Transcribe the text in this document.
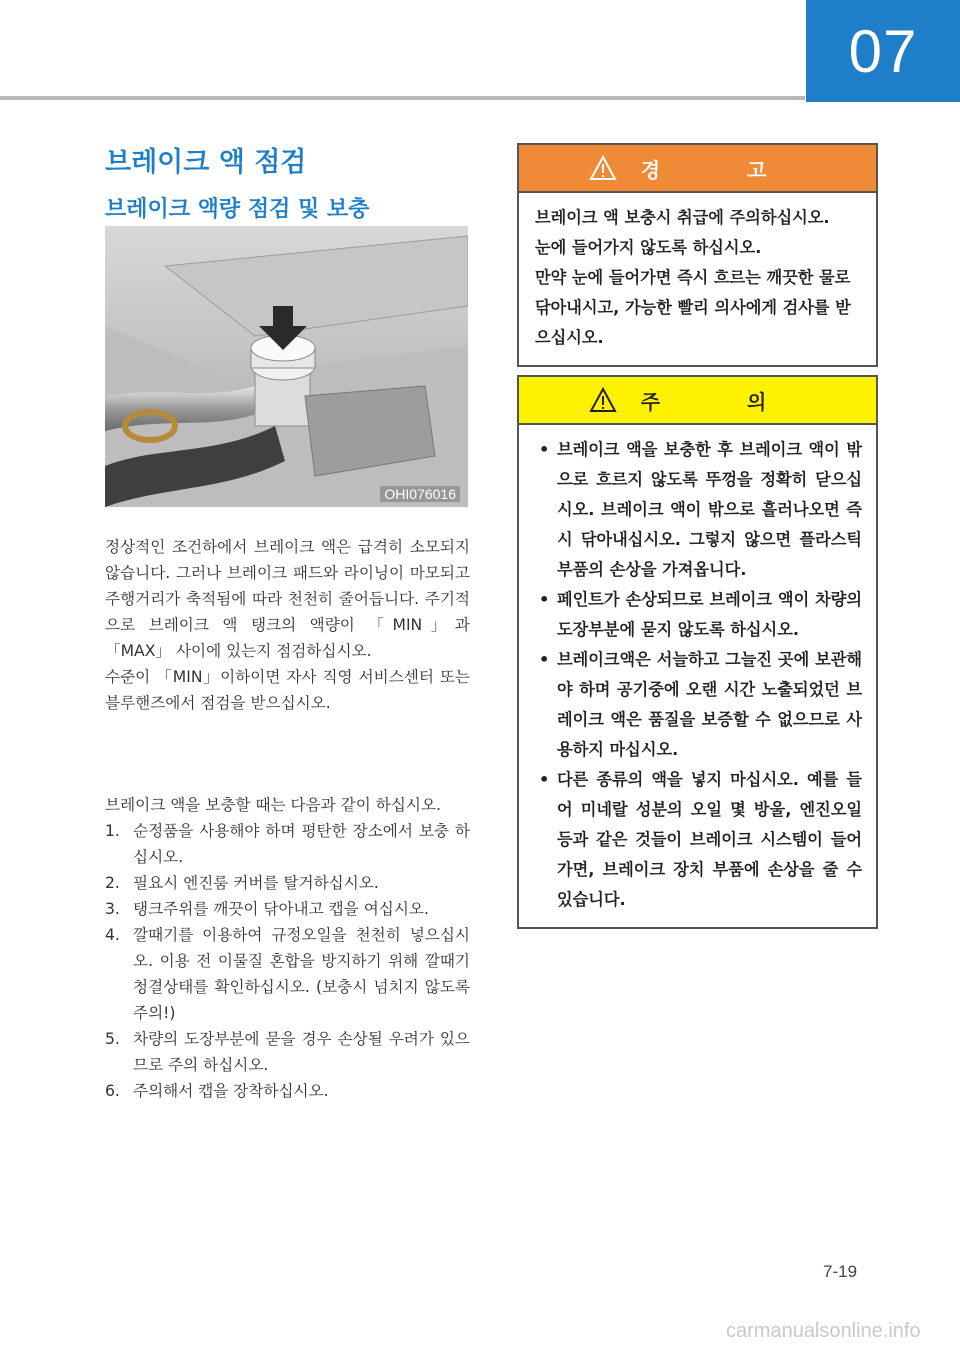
07
브레이크 액 점검
브레이크 액량 점검 및 보충
OHI076016

정상적인 조건하에서 브레이크 액은 급격히 소모되지 않습니다. 그러나 브레이크 패드와 라이닝이 마모되고 주행거리가 축적됨에 따라 천천히 줄어듭니다. 주기적으로 브레이크 액 탱크의 액량이 「MIN」과 「MAX」 사이에 있는지 점검하십시오.

수준이 「MIN」이하이면 자사 직영 서비스센터 또는 블루핸즈에서 점검을 받으십시오.

브레이크 액을 보충할 때는 다음과 같이 하십시오.
1. 순정품을 사용해야 하며 평탄한 장소에서 보충 하십시오.
2. 필요시 엔진룸 커버를 탈거하십시오.
3. 탱크주위를 깨끗이 닦아내고 캡을 여십시오.
4. 깔때기를 이용하여 규정오일을 천천히 넣으십시오. 이용 전 이물질 혼합을 방지하기 위해 깔때기 청결상태를 확인하십시오. (보충시 넘치지 않도록 주의!)
5. 차량의 도장부분에 묻을 경우 손상될 우려가 있으므로 주의 하십시오.
6. 주의해서 캡을 장착하십시오.
경 고

브레이크 액 보충시 취급에 주의하십시오.

눈에 들어가지 않도록 하십시오.

만약 눈에 들어가면 즉시 흐르는 깨끗한 물로 닦아내시고, 가능한 빨리 의사에게 검사를 받으십시오.

주 의
• 브레이크 액을 보충한 후 브레이크 액이 밖으로 흐르지 않도록 뚜껑을 정확히 닫으십시오. 브레이크 액이 밖으로 흘러나오면 즉시 닦아내십시오. 그렇지 않으면 플라스틱 부품의 손상을 가져옵니다.
• 페인트가 손상되므로 브레이크 액이 차량의 도장부분에 묻지 않도록 하십시오.
• 브레이크액은 서늘하고 그늘진 곳에 보관해야 하며 공기중에 오랜 시간 노출되었던 브레이크 액은 품질을 보증할 수 없으므로 사용하지 마십시오.
• 다른 종류의 액을 넣지 마십시오. 예를 들어 미네랄 성분의 오일 몇 방울, 엔진오일 등과 같은 것들이 브레이크 시스템이 들어가면, 브레이크 장치 부품에 손상을 줄 수 있습니다.
7-19
carmanualsonline.info
